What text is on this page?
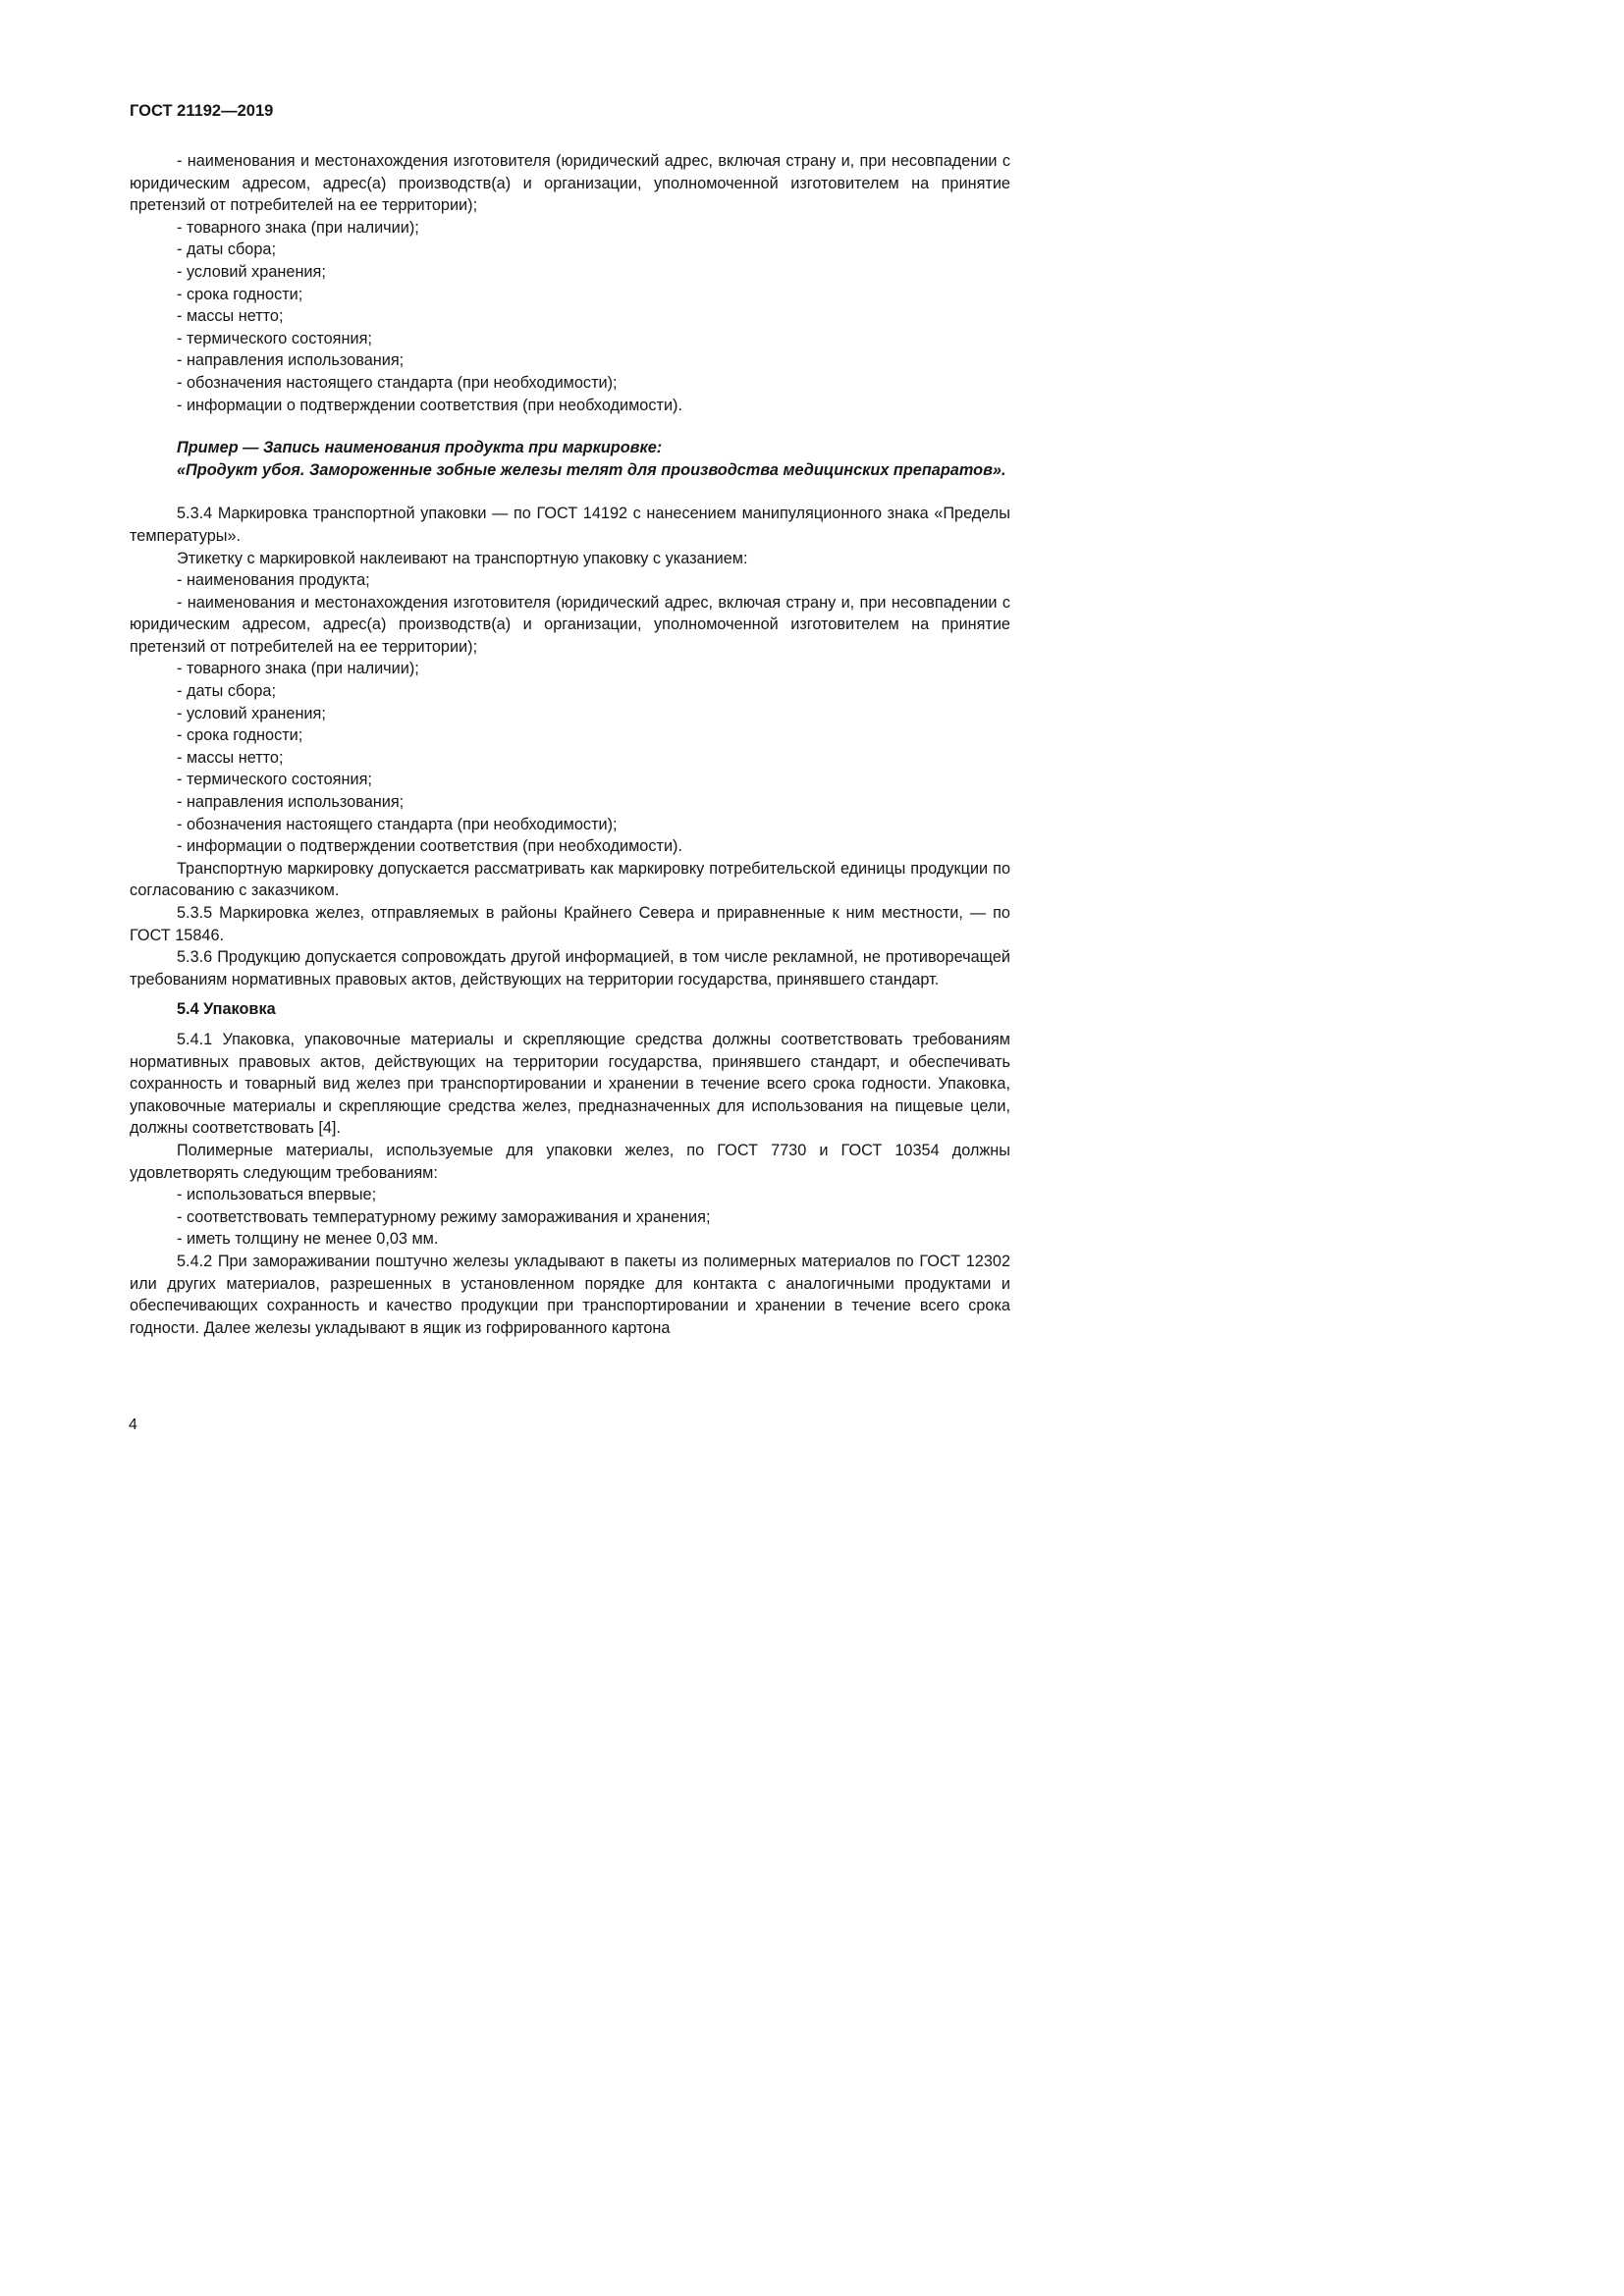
ГОСТ 21192—2019

- наименования и местонахождения изготовителя (юридический адрес, включая страну и, при несовпадении с юридическим адресом, адрес(а) производств(а) и организации, уполномоченной изготовителем на принятие претензий от потребителей на ее территории);

- товарного знака (при наличии);

- даты сбора;

- условий хранения;

- срока годности;

- массы нетто;

- термического состояния;

- направления использования;

- обозначения настоящего стандарта (при необходимости);

- информации о подтверждении соответствия (при необходимости).

Пример — Запись наименования продукта при маркировке:

«Продукт убоя. Замороженные зобные железы телят для производства медицинских препаратов».

5.3.4 Маркировка транспортной упаковки — по ГОСТ 14192 с нанесением манипуляционного знака «Пределы температуры».

Этикетку с маркировкой наклеивают на транспортную упаковку с указанием:

- наименования продукта;

- наименования и местонахождения изготовителя (юридический адрес, включая страну и, при несовпадении с юридическим адресом, адрес(а) производств(а) и организации, уполномоченной изготовителем на принятие претензий от потребителей на ее территории);

- товарного знака (при наличии);

- даты сбора;

- условий хранения;

- срока годности;

- массы нетто;

- термического состояния;

- направления использования;

- обозначения настоящего стандарта (при необходимости);

- информации о подтверждении соответствия (при необходимости).

Транспортную маркировку допускается рассматривать как маркировку потребительской единицы продукции по согласованию с заказчиком.

5.3.5 Маркировка желез, отправляемых в районы Крайнего Севера и приравненные к ним местности, — по ГОСТ 15846.

5.3.6 Продукцию допускается сопровождать другой информацией, в том числе рекламной, не противоречащей требованиям нормативных правовых актов, действующих на территории государства, принявшего стандарт.

5.4 Упаковка

5.4.1 Упаковка, упаковочные материалы и скрепляющие средства должны соответствовать требованиям нормативных правовых актов, действующих на территории государства, принявшего стандарт, и обеспечивать сохранность и товарный вид желез при транспортировании и хранении в течение всего срока годности. Упаковка, упаковочные материалы и скрепляющие средства желез, предназначенных для использования на пищевые цели, должны соответствовать [4].

Полимерные материалы, используемые для упаковки желез, по ГОСТ 7730 и ГОСТ 10354 должны удовлетворять следующим требованиям:

- использоваться впервые;

- соответствовать температурному режиму замораживания и хранения;

- иметь толщину не менее 0,03 мм.

5.4.2 При замораживании поштучно железы укладывают в пакеты из полимерных материалов по ГОСТ 12302 или других материалов, разрешенных в установленном порядке для контакта с аналогичными продуктами и обеспечивающих сохранность и качество продукции при транспортировании и хранении в течение всего срока годности. Далее железы укладывают в ящик из гофрированного картона

4
